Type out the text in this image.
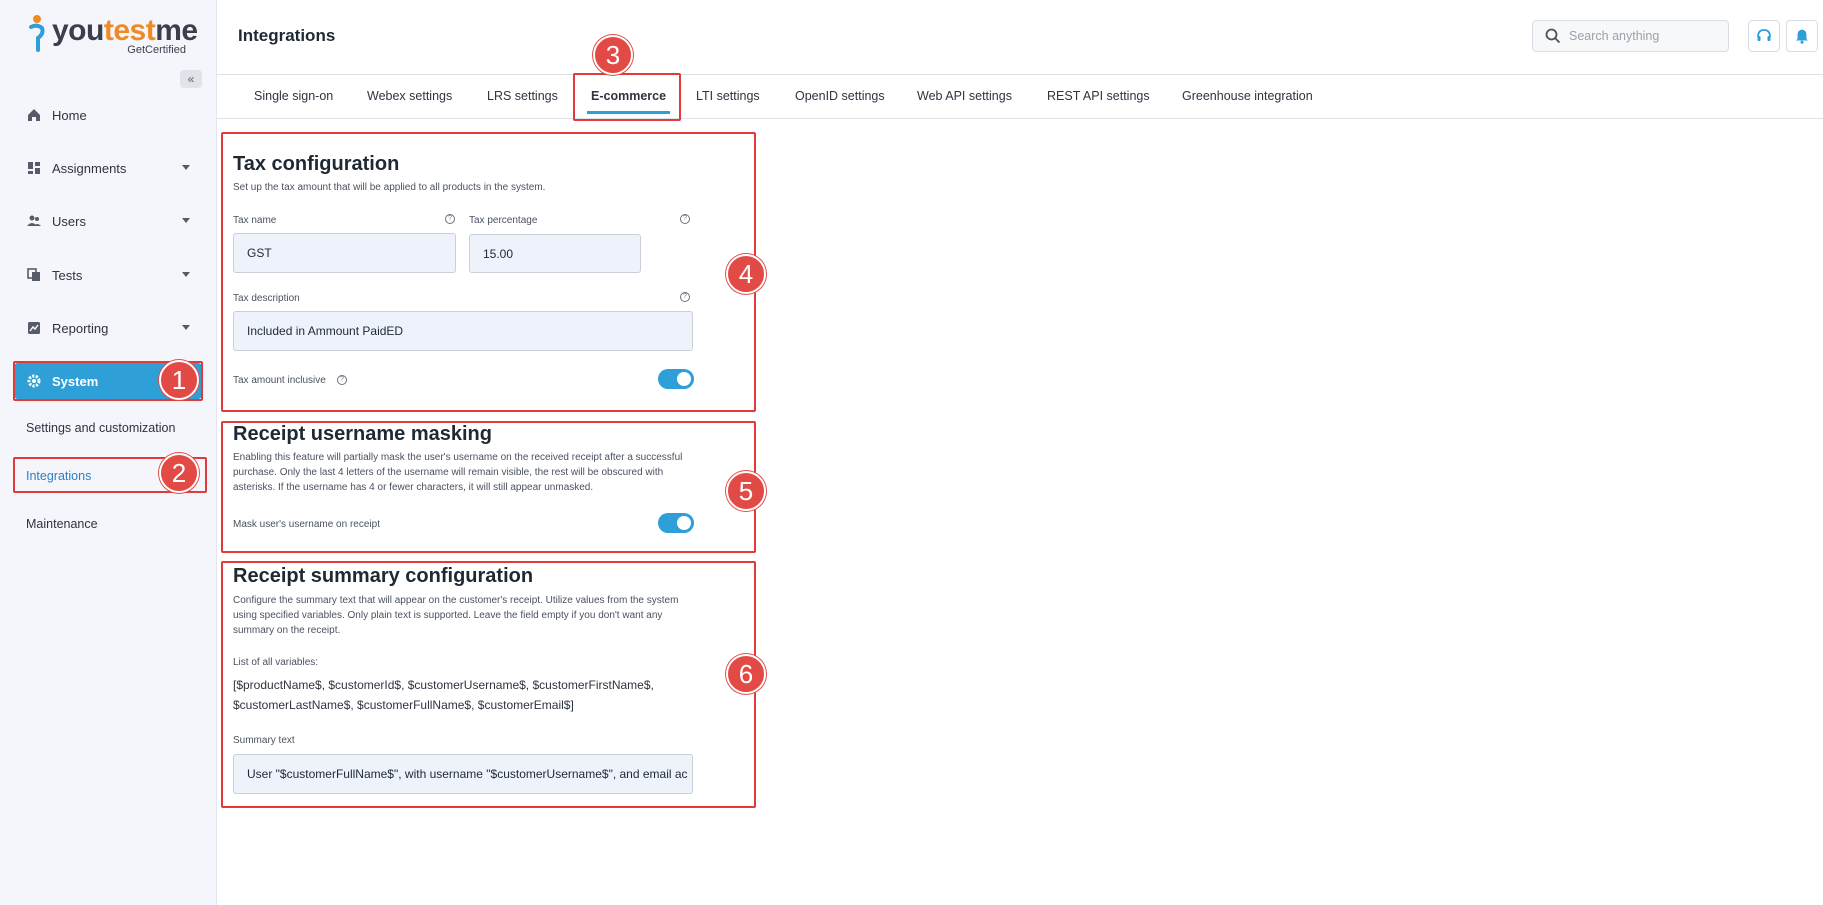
youtestme
GetCertified
«
Home
Assignments
Users
Tests
Reporting
System
Settings and customization
Integrations
Maintenance
Integrations	Search anything
Single sign-on	Webex settings	LRS settings	E-commerce LTI settings	OpenID settings	Web API settings	REST API settings	Greenhouse integration
Tax configuration
Set up the tax amount that will be applied to all products in the system.
Tax name	?
GST
Tax percentage	?
15.00
Tax description	?
Included in Ammount PaidED
Tax amount inclusive	?
Receipt username masking
Enabling this feature will partially mask the user's username on the received receipt after a successful purchase. Only the last 4 letters of the username will remain visible, the rest will be obscured with asterisks. If the username has 4 or fewer characters, it will still appear unmasked.
Mask user's username on receipt
Receipt summary configuration
Configure the summary text that will appear on the customer's receipt. Utilize values from the system using specified variables. Only plain text is supported. Leave the field empty if you don't want any summary on the receipt.
List of all variables:
[$productName$, $customerId$, $customerUsername$, $customerFirstName$, $customerLastName$, $customerFullName$, $customerEmail$]
Summary text
User "$customerFullName$", with username "$customerUsername$", and email ac
1
2
3
4
5
6
